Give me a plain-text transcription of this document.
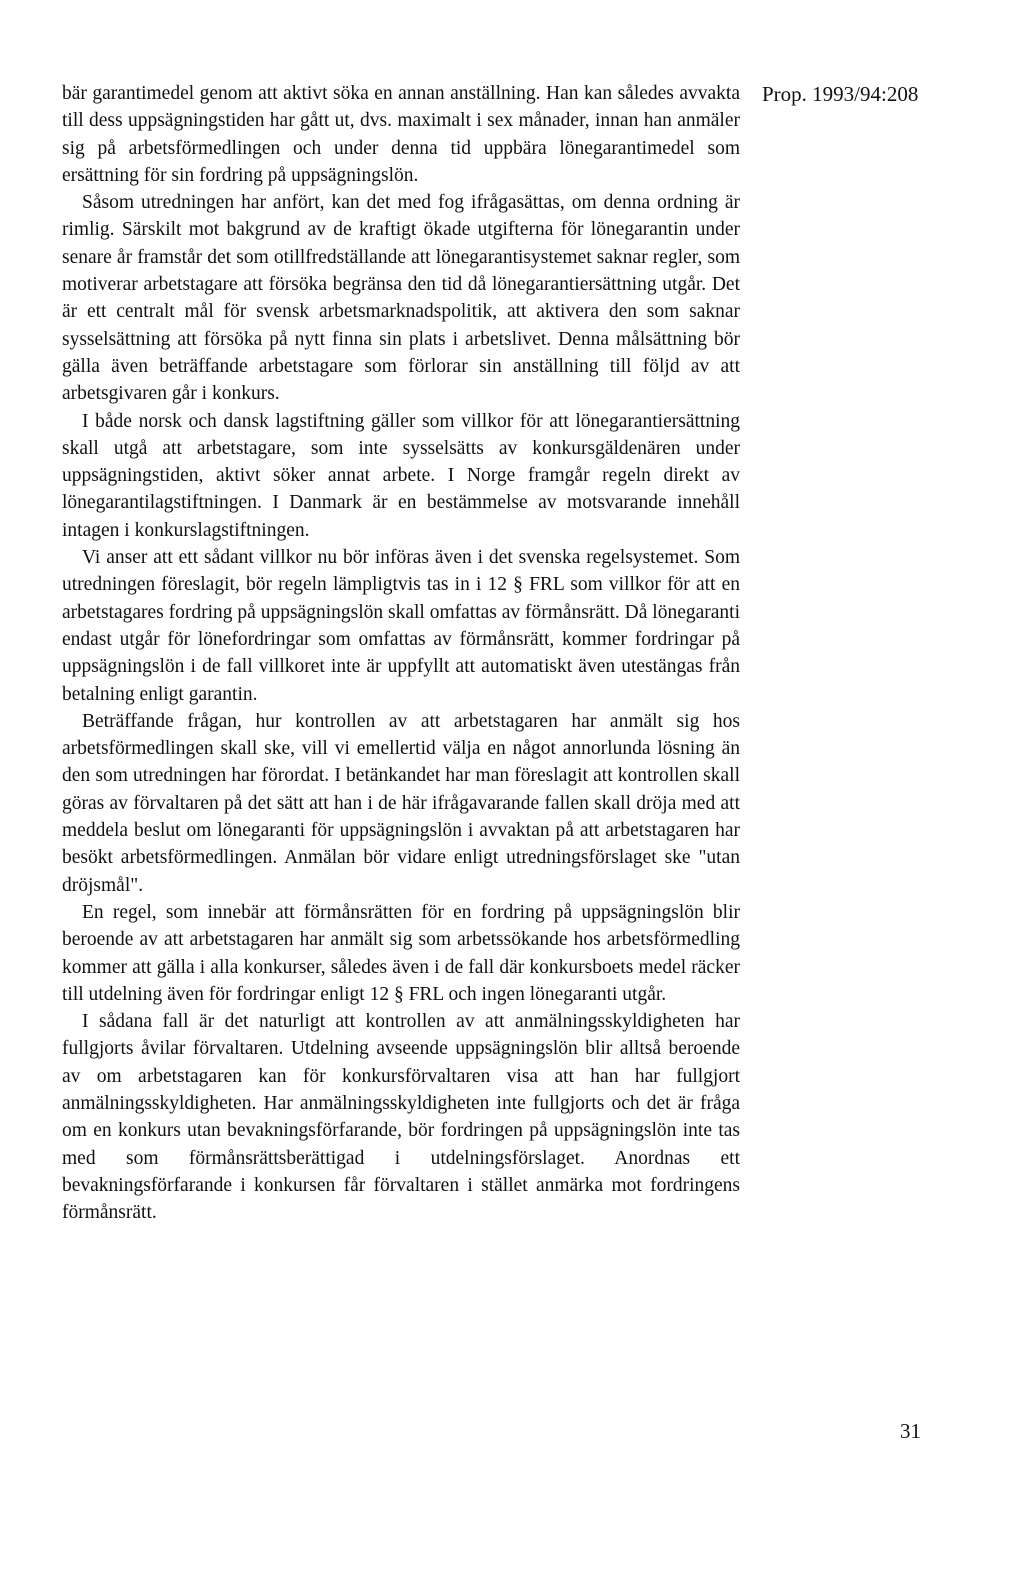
Prop. 1993/94:208

bär garantimedel genom att aktivt söka en annan anställning. Han kan således avvakta till dess uppsägningstiden har gått ut, dvs. maximalt i sex månader, innan han anmäler sig på arbetsförmedlingen och under denna tid uppbära lönegarantimedel som ersättning för sin fordring på uppsägningslön.

Såsom utredningen har anfört, kan det med fog ifrågasättas, om denna ordning är rimlig. Särskilt mot bakgrund av de kraftigt ökade utgifterna för lönegarantin under senare år framstår det som otillfredställande att lönegarantisystemet saknar regler, som motiverar arbetstagare att försöka begränsa den tid då lönegarantiersättning utgår. Det är ett centralt mål för svensk arbetsmarknadspolitik, att aktivera den som saknar sysselsättning att försöka på nytt finna sin plats i arbetslivet. Denna målsättning bör gälla även beträffande arbetstagare som förlorar sin anställning till följd av att arbetsgivaren går i konkurs.

I både norsk och dansk lagstiftning gäller som villkor för att lönegarantiersättning skall utgå att arbetstagare, som inte sysselsätts av konkursgäldenären under uppsägningstiden, aktivt söker annat arbete. I Norge framgår regeln direkt av lönegarantilagstiftningen. I Danmark är en bestämmelse av motsvarande innehåll intagen i konkurslagstiftningen.

Vi anser att ett sådant villkor nu bör införas även i det svenska regelsystemet. Som utredningen föreslagit, bör regeln lämpligtvis tas in i 12 § FRL som villkor för att en arbetstagares fordring på uppsägningslön skall omfattas av förmånsrätt. Då lönegaranti endast utgår för lönefordringar som omfattas av förmånsrätt, kommer fordringar på uppsägningslön i de fall villkoret inte är uppfyllt att automatiskt även utestängas från betalning enligt garantin.

Beträffande frågan, hur kontrollen av att arbetstagaren har anmält sig hos arbetsförmedlingen skall ske, vill vi emellertid välja en något annorlunda lösning än den som utredningen har förordat. I betänkandet har man föreslagit att kontrollen skall göras av förvaltaren på det sätt att han i de här ifrågavarande fallen skall dröja med att meddela beslut om lönegaranti för uppsägningslön i avvaktan på att arbetstagaren har besökt arbetsförmedlingen. Anmälan bör vidare enligt utredningsförslaget ske "utan dröjsmål".

En regel, som innebär att förmånsrätten för en fordring på uppsägningslön blir beroende av att arbetstagaren har anmält sig som arbetssökande hos arbetsförmedling kommer att gälla i alla konkurser, således även i de fall där konkursboets medel räcker till utdelning även för fordringar enligt 12 § FRL och ingen lönegaranti utgår.

I sådana fall är det naturligt att kontrollen av att anmälningsskyldigheten har fullgjorts åvilar förvaltaren. Utdelning avseende uppsägningslön blir alltså beroende av om arbetstagaren kan för konkursförvaltaren visa att han har fullgjort anmälningsskyldigheten. Har anmälningsskyldigheten inte fullgjorts och det är fråga om en konkurs utan bevakningsförfarande, bör fordringen på uppsägningslön inte tas med som förmånsrättsberättigad i utdelningsförslaget. Anordnas ett bevakningsförfarande i konkursen får förvaltaren i stället anmärka mot fordringens förmånsrätt.

31
